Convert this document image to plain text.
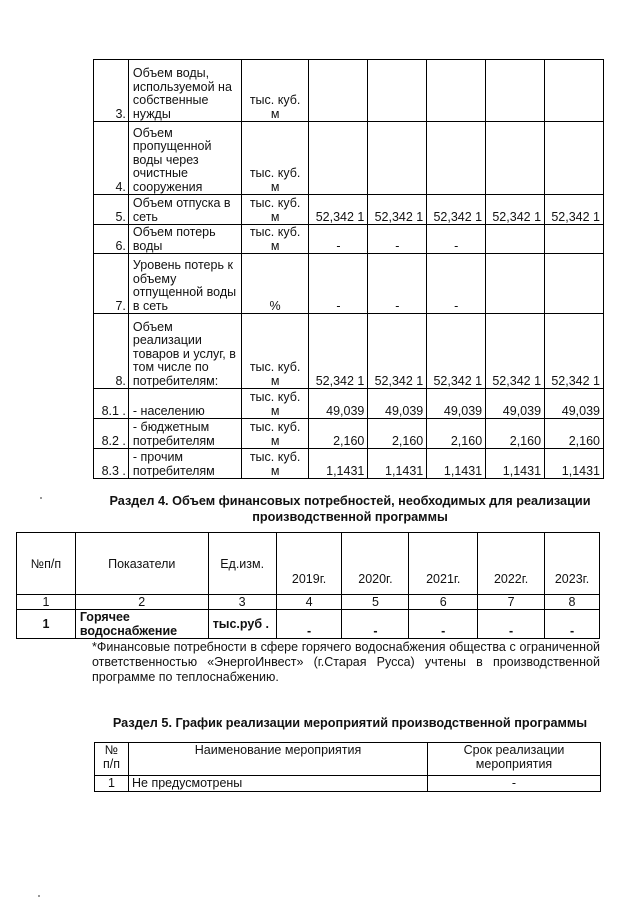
3.	Объем воды, используемой на собственные нужды	тыс. куб. м					
4.	Объем пропущенной воды через очистные сооружения	тыс. куб. м					
5.	Объем отпуска в сеть	тыс. куб. м	52,342 1	52,342 1	52,342 1	52,342 1	52,342 1
6.	Объем потерь воды	тыс. куб. м	-	-	-		
7.	Уровень потерь к объему отпущенной воды в сеть	%	-	-	-		
8.	Объем реализации товаров и услуг, в том числе по потребителям:	тыс. куб. м	52,342 1	52,342 1	52,342 1	52,342 1	52,342 1
8.1 .	- населению	тыс. куб. м	49,039	49,039	49,039	49,039	49,039
8.2 .	- бюджетным потребителям	тыс. куб. м	2,160	2,160	2,160	2,160	2,160
8.3 .	- прочим потребителям	тыс. куб. м	1,1431	1,1431	1,1431	1,1431	1,1431
Раздел 4. Объем финансовых потребностей, необходимых для реализации производственной программы
№п/п	Показатели	Ед.изм.	2019г.	2020г.	2021г.	2022г.	2023г.
1	2	3	4	5	6	7	8
1	Горячее водоснабжение	тыс.руб .	-	-	-	-	-
*Финансовые потребности в сфере горячего водоснабжения общества с ограниченной ответственностью «ЭнергоИнвест» (г.Старая Русса) учтены в производственной программе по теплоснабжению.
Раздел 5. График реализации мероприятий производственной программы
№ п/п	Наименование мероприятия	Срок реализации мероприятия
1	Не предусмотрены	-
